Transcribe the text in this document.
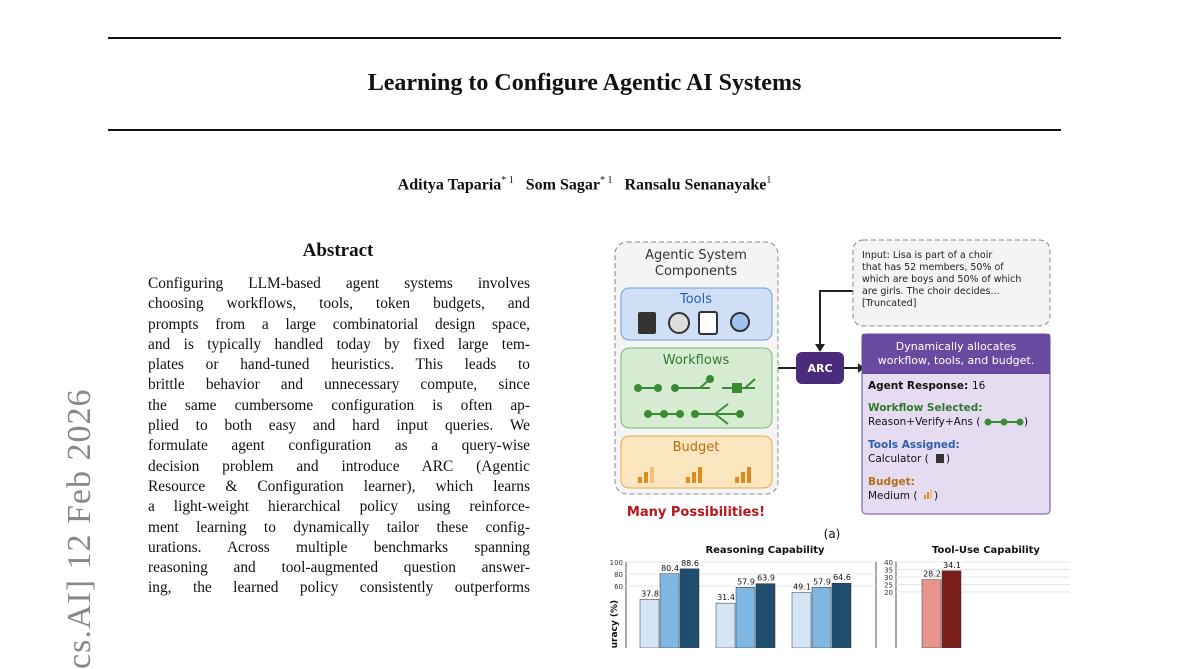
Learning to Configure Agentic AI Systems
Aditya Taparia$^{* 1}$ Som Sagar$^{* 1}$ Ransalu Senanayake$^1$
cs.AI] 12 Feb 2026
Abstract
Configuring LLM-based agent systems involves
choosing workflows, tools, token budgets, and
prompts from a large combinatorial design space,
and is typically handled today by fixed large tem-
plates or hand-tuned heuristics. This leads to
brittle behavior and unnecessary compute, since
the same cumbersome configuration is often ap-
plied to both easy and hard input queries. We
formulate agent configuration as a query-wise
decision problem and introduce ARC (Agentic
Resource & Configuration learner), which learns
a light-weight hierarchical policy using reinforce-
ment learning to dynamically tailor these config-
urations. Across multiple benchmarks spanning
reasoning and tool-augmented question answer-
ing, the learned policy consistently outperforms
Agentic System
Components
Tools
Workflows
Budget
Many Possibilities!
ARC
Input: Lisa is part of a choir that has 52 members, 50% of which are boys and 50% of which are girls. The choir decides... [Truncated]
Dynamically allocates
workflow, tools, and budget.
Agent Response: 16
Workflow Selected:
Reason+Verify+Ans (	)
Tools Assigned:
Calculator ( )
Budget:
Medium ( )
(a)
Reasoning Capability	Tool-Use Capability
Accuracy (%)
60
80
100
37.8
80.4
88.6
31.4
57.9 63.9
49.1
57.9 64.6
20
25
30
35
40
28.2
34.1
